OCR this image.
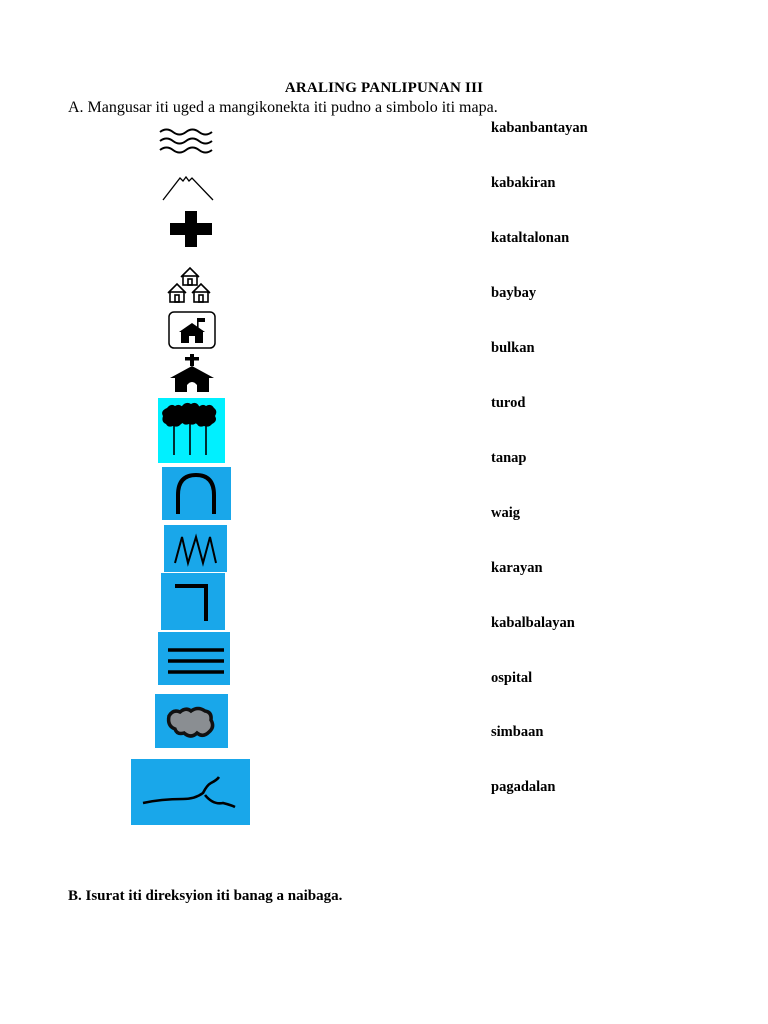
ARALING PANLIPUNAN III
A. Mangusar iti uged a mangikonekta iti pudno a simbolo iti mapa.
kabanbantayan
kabakiran
kataltalonan
baybay
bulkan
turod
tanap
waig
karayan
kabalbalayan
ospital
simbaan
pagadalan
B. Isurat iti direksyion iti banag a naibaga.
